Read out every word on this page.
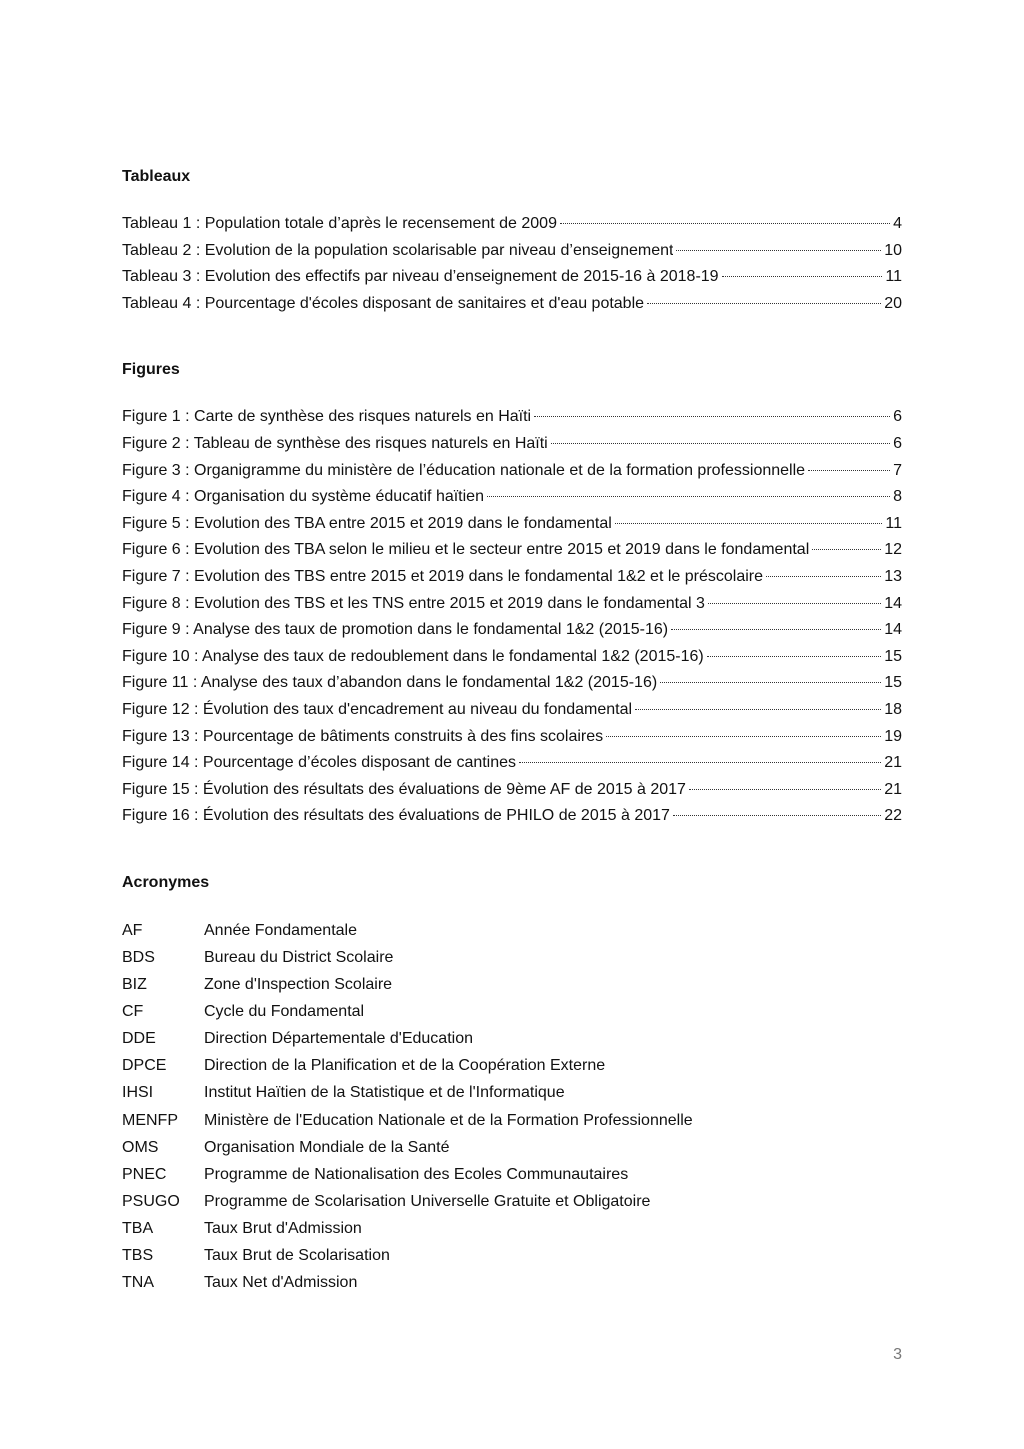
Tableaux
Tableau 1 : Population totale d’après le recensement de 2009	4
Tableau 2 : Evolution de la population scolarisable par niveau d’enseignement	10
Tableau 3 : Evolution des effectifs par niveau d’enseignement de 2015-16 à 2018-19	11
Tableau 4 : Pourcentage d'écoles disposant de sanitaires et d'eau potable	20
Figures
Figure 1 : Carte de synthèse des risques naturels en Haïti	6
Figure 2 : Tableau de synthèse des risques naturels en Haïti	6
Figure 3 : Organigramme du ministère de l’éducation nationale et de la formation professionnelle	7
Figure 4 : Organisation du système éducatif haïtien	8
Figure 5 : Evolution des TBA entre 2015 et 2019 dans le fondamental	11
Figure 6 : Evolution des TBA selon le milieu et le secteur entre 2015 et 2019 dans le fondamental	12
Figure 7 : Evolution des TBS entre 2015 et 2019 dans le fondamental 1&2 et le préscolaire	13
Figure 8 : Evolution des TBS et les TNS entre 2015 et 2019 dans le fondamental 3	14
Figure 9 : Analyse des taux de promotion dans le fondamental 1&2 (2015-16)	14
Figure 10 : Analyse des taux de redoublement dans le fondamental 1&2 (2015-16)	15
Figure 11 : Analyse des taux d’abandon dans le fondamental 1&2 (2015-16)	15
Figure 12 : Évolution des taux d'encadrement au niveau du fondamental	18
Figure 13 : Pourcentage de bâtiments construits à des fins scolaires	19
Figure 14 : Pourcentage d’écoles disposant de cantines	21
Figure 15 : Évolution des résultats des évaluations de 9ème AF de 2015 à 2017	21
Figure 16 : Évolution des résultats des évaluations de PHILO de 2015 à 2017	22
Acronymes
AF	Année Fondamentale
BDS	Bureau du District Scolaire
BIZ	Zone d'Inspection Scolaire
CF	Cycle du Fondamental
DDE	Direction Départementale d'Education
DPCE	Direction de la Planification et de la Coopération Externe
IHSI	Institut Haïtien de la Statistique et de l'Informatique
MENFP	Ministère de l'Education Nationale et de la Formation Professionnelle
OMS	Organisation Mondiale de la Santé
PNEC	Programme de Nationalisation des Ecoles Communautaires
PSUGO	Programme de Scolarisation Universelle Gratuite et Obligatoire
TBA	Taux Brut d'Admission
TBS	Taux Brut de Scolarisation
TNA	Taux Net d'Admission
3
